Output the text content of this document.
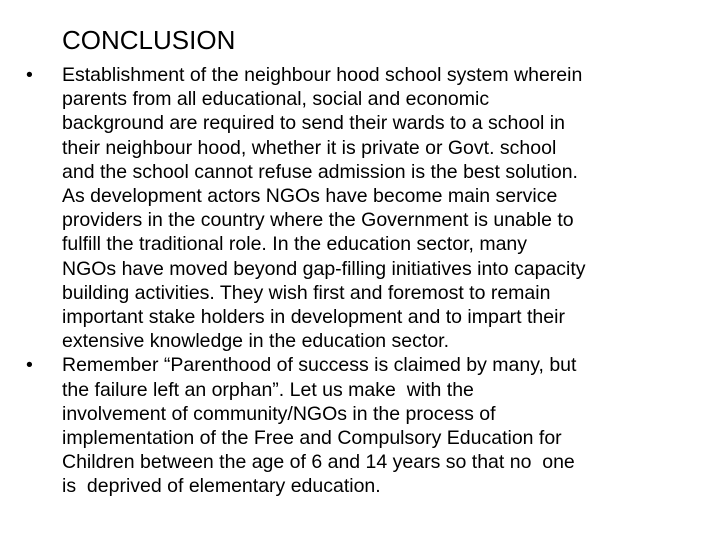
CONCLUSION
•	Establishment of the neighbour hood school system wherein
parents from all educational, social and economic
background are required to send their wards to a school in
their neighbour hood, whether it is private or Govt. school
and the school cannot refuse admission is the best solution.
As development actors NGOs have become main service
providers in the country where the Government is unable to
fulfill the traditional role. In the education sector, many
NGOs have moved beyond gap-filling initiatives into capacity
building activities. They wish first and foremost to remain
important stake holders in development and to impart their
extensive knowledge in the education sector.
•	Remember “Parenthood of success is claimed by many, but
the failure left an orphan”. Let us make  with the
involvement of community/NGOs in the process of
implementation of the Free and Compulsory Education for
Children between the age of 6 and 14 years so that no  one
is  deprived of elementary education.
